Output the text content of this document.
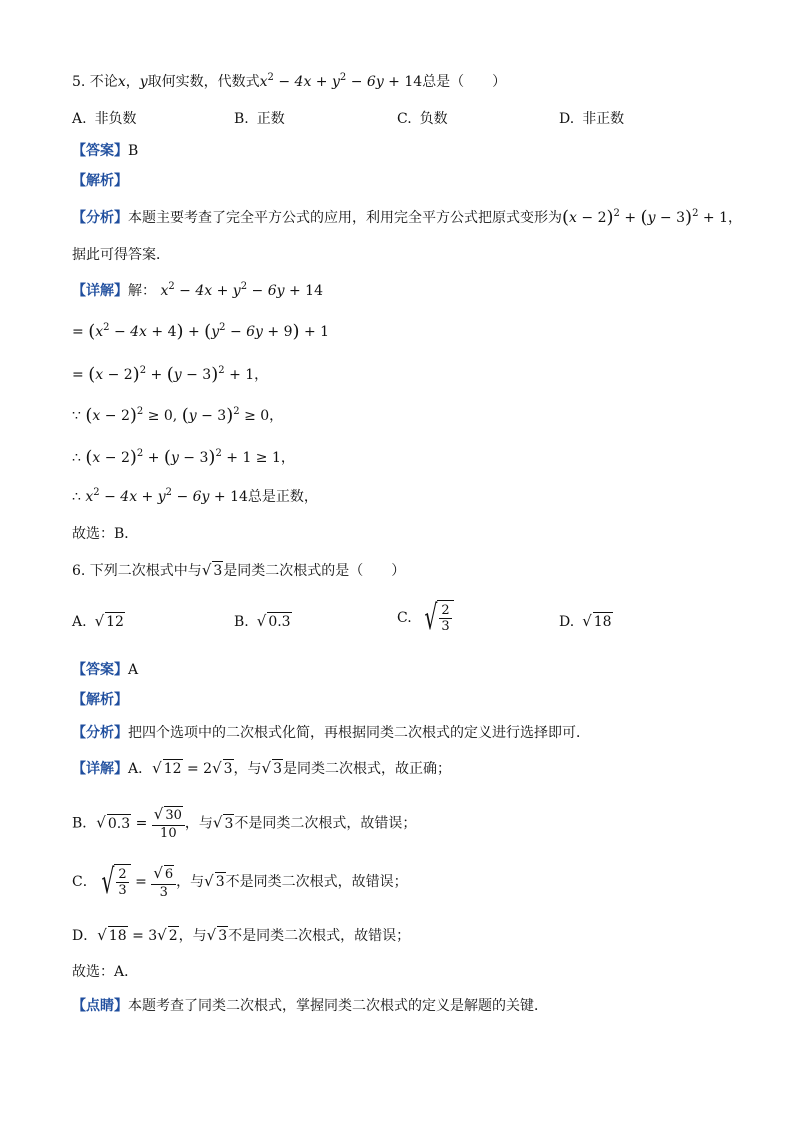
5. 不论x，y取何实数，代数式$x^2 - 4x + y^2 - 6y + 14$总是（　　）
A. 非负数	B. 正数	C. 负数	D. 非正数
【答案】B
【解析】
【分析】本题主要考查了完全平方公式的应用，利用完全平方公式把原式变形为$(x - 2)^2 + (y - 3)^2 + 1$，
据此可得答案．
【详解】解： $x^2 - 4x + y^2 - 6y + 14$
= $(x^2 - 4x + 4) + (y^2 - 6y + 9) + 1$
= $(x - 2)^2 + (y - 3)^2 + 1$，
∵ $(x - 2)^2 \ge 0$, $(y - 3)^2 \ge 0$，
∴ $(x - 2)^2 + (y - 3)^2 + 1 \ge 1$，
∴ $x^2 - 4x + y^2 - 6y + 14$总是正数，
故选：B．
6. 下列二次根式中与√ 3是同类二次根式的是（　　）
A. √ 12	B. √ 0.3	C. √ $\frac{2}{3}$	D. √ 18
【答案】A
【解析】
【分析】把四个选项中的二次根式化简，再根据同类二次根式的定义进行选择即可．
【详解】A．√ 12 = 2√ 3，与√ 3是同类二次根式，故正确；
B．√ $0.3 = \frac{√ 30}{10}$ ，与√ 3不是同类二次根式，故错误；
C． √ $\frac{2}{3} = \frac{√ 6}{3}$ ，与√ 3不是同类二次根式，故错误；
D．√ 18 = 3√ 2，与√ 3不是同类二次根式，故错误；
故选：A．
【点睛】本题考查了同类二次根式，掌握同类二次根式的定义是解题的关键．
